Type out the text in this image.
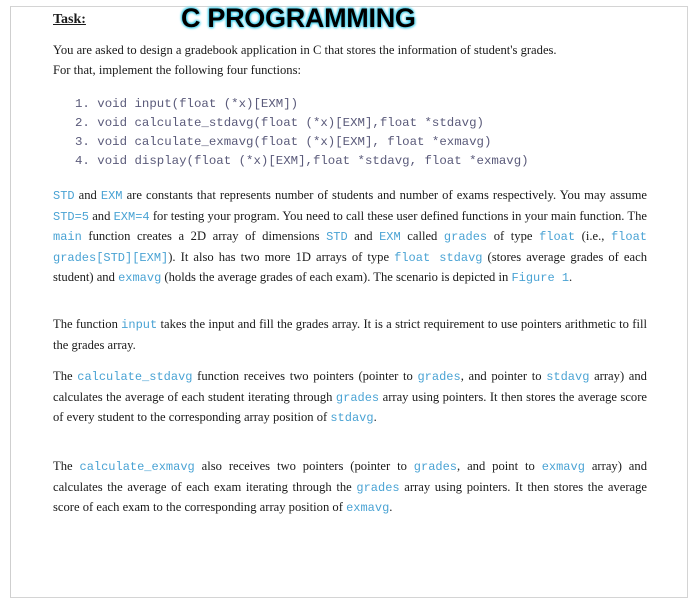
Task:	C PROGRAMMING
You are asked to design a gradebook application in C that stores the information of student's grades.
For that, implement the following four functions:
1. void input(float (*x)[EXM])
2. void calculate_stdavg(float (*x)[EXM],float *stdavg)
3. void calculate_exmavg(float (*x)[EXM], float *exmavg)
4. void display(float (*x)[EXM],float *stdavg, float *exmavg)
STD and EXM are constants that represents number of students and number of exams respectively. You may assume STD=5 and EXM=4 for testing your program. You need to call these user defined functions in your main function. The main function creates a 2D array of dimensions STD and EXM called grades of type float (i.e., float grades[STD][EXM]). It also has two more 1D arrays of type float stdavg (stores average grades of each student) and exmavg (holds the average grades of each exam). The scenario is depicted in Figure 1.
The function input takes the input and fill the grades array. It is a strict requirement to use pointers arithmetic to fill the grades array.
The calculate_stdavg function receives two pointers (pointer to grades, and pointer to stdavg array) and calculates the average of each student iterating through grades array using pointers. It then stores the average score of every student to the corresponding array position of stdavg.
The calculate_exmavg also receives two pointers (pointer to grades, and point to exmavg array) and calculates the average of each exam iterating through the grades array using pointers. It then stores the average score of each exam to the corresponding array position of exmavg.
